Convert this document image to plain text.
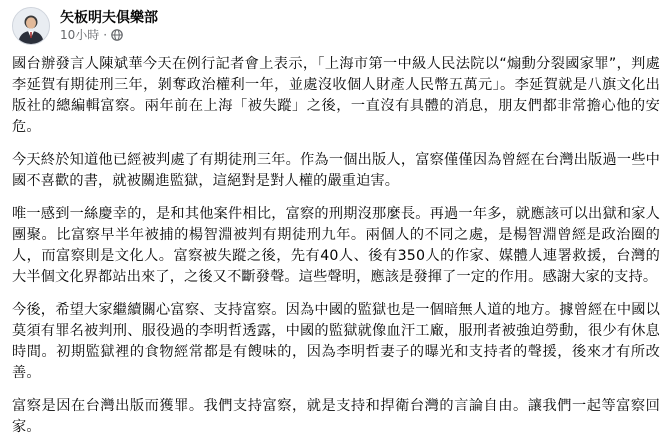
矢板明夫俱樂部
10小時 ·

國台辦發言人陳斌華今天在例行記者會上表示，「上海市第一中級人民法院以“煽動分裂國家罪”，判處李延賀有期徒刑三年，剝奪政治權利一年，並處沒收個人財產人民幣五萬元」。李延賀就是八旗文化出版社的總編輯富察。兩年前在上海「被失蹤」之後，一直沒有具體的消息，朋友們都非常擔心他的安危。

今天終於知道他已經被判處了有期徒刑三年。作為一個出版人，富察僅僅因為曾經在台灣出版過一些中國不喜歡的書，就被關進監獄，這絕對是對人權的嚴重迫害。

唯一感到一絲慶幸的，是和其他案件相比，富察的刑期沒那麼長。再過一年多，就應該可以出獄和家人團聚。比富察早半年被捕的楊智淵被判有期徒刑九年。兩個人的不同之處，是楊智淵曾經是政治圈的人，而富察則是文化人。富察被失蹤之後，先有40人、後有350人的作家、媒體人連署救援，台灣的大半個文化界都站出來了，之後又不斷發聲。這些聲明，應該是發揮了一定的作用。感謝大家的支持。

今後，希望大家繼續關心富察、支持富察。因為中國的監獄也是一個暗無人道的地方。據曾經在中國以莫須有罪名被判刑、服役過的李明哲透露，中國的監獄就像血汗工廠，服刑者被強迫勞動，很少有休息時間。初期監獄裡的食物經常都是有餿味的，因為李明哲妻子的曝光和支持者的聲援，後來才有所改善。

富察是因在台灣出版而獲罪。我們支持富察，就是支持和捍衛台灣的言論自由。讓我們一起等富察回家。
